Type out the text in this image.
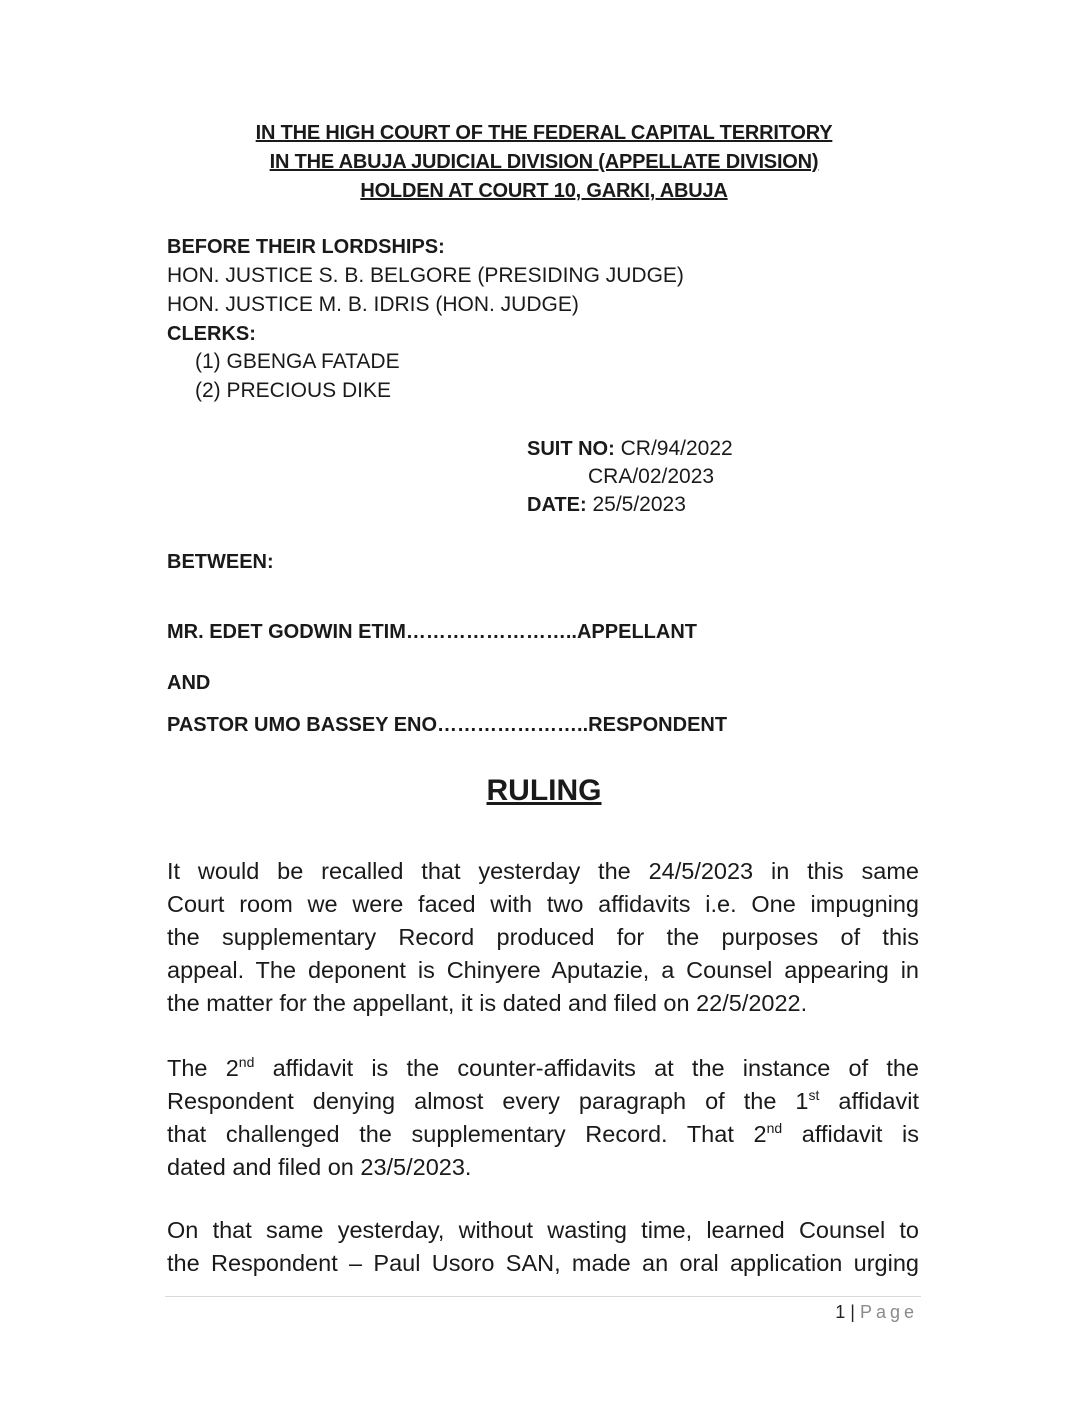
IN THE HIGH COURT OF THE FEDERAL CAPITAL TERRITORY
IN THE ABUJA JUDICIAL DIVISION (APPELLATE DIVISION)
HOLDEN AT COURT 10, GARKI, ABUJA
BEFORE THEIR LORDSHIPS:
HON. JUSTICE S. B. BELGORE (PRESIDING JUDGE)
HON. JUSTICE M. B. IDRIS (HON. JUDGE)
CLERKS:
(1) GBENGA FATADE
(2) PRECIOUS DIKE
SUIT NO: CR/94/2022
CRA/02/2023
DATE: 25/5/2023
BETWEEN:
MR. EDET GODWIN ETIM……………………..APPELLANT
AND
PASTOR UMO BASSEY ENO…………………..RESPONDENT
RULING
It would be recalled that yesterday the 24/5/2023 in this same
Court room we were faced with two affidavits i.e. One impugning
the supplementary Record produced for the purposes of this
appeal. The deponent is Chinyere Aputazie, a Counsel appearing in
the matter for the appellant, it is dated and filed on 22/5/2022.
The 2nd affidavit is the counter-affidavits at the instance of the
Respondent denying almost every paragraph of the 1st affidavit
that challenged the supplementary Record. That 2nd affidavit is
dated and filed on 23/5/2023.
On that same yesterday, without wasting time, learned Counsel to
the Respondent – Paul Usoro SAN, made an oral application urging
1 | Page
